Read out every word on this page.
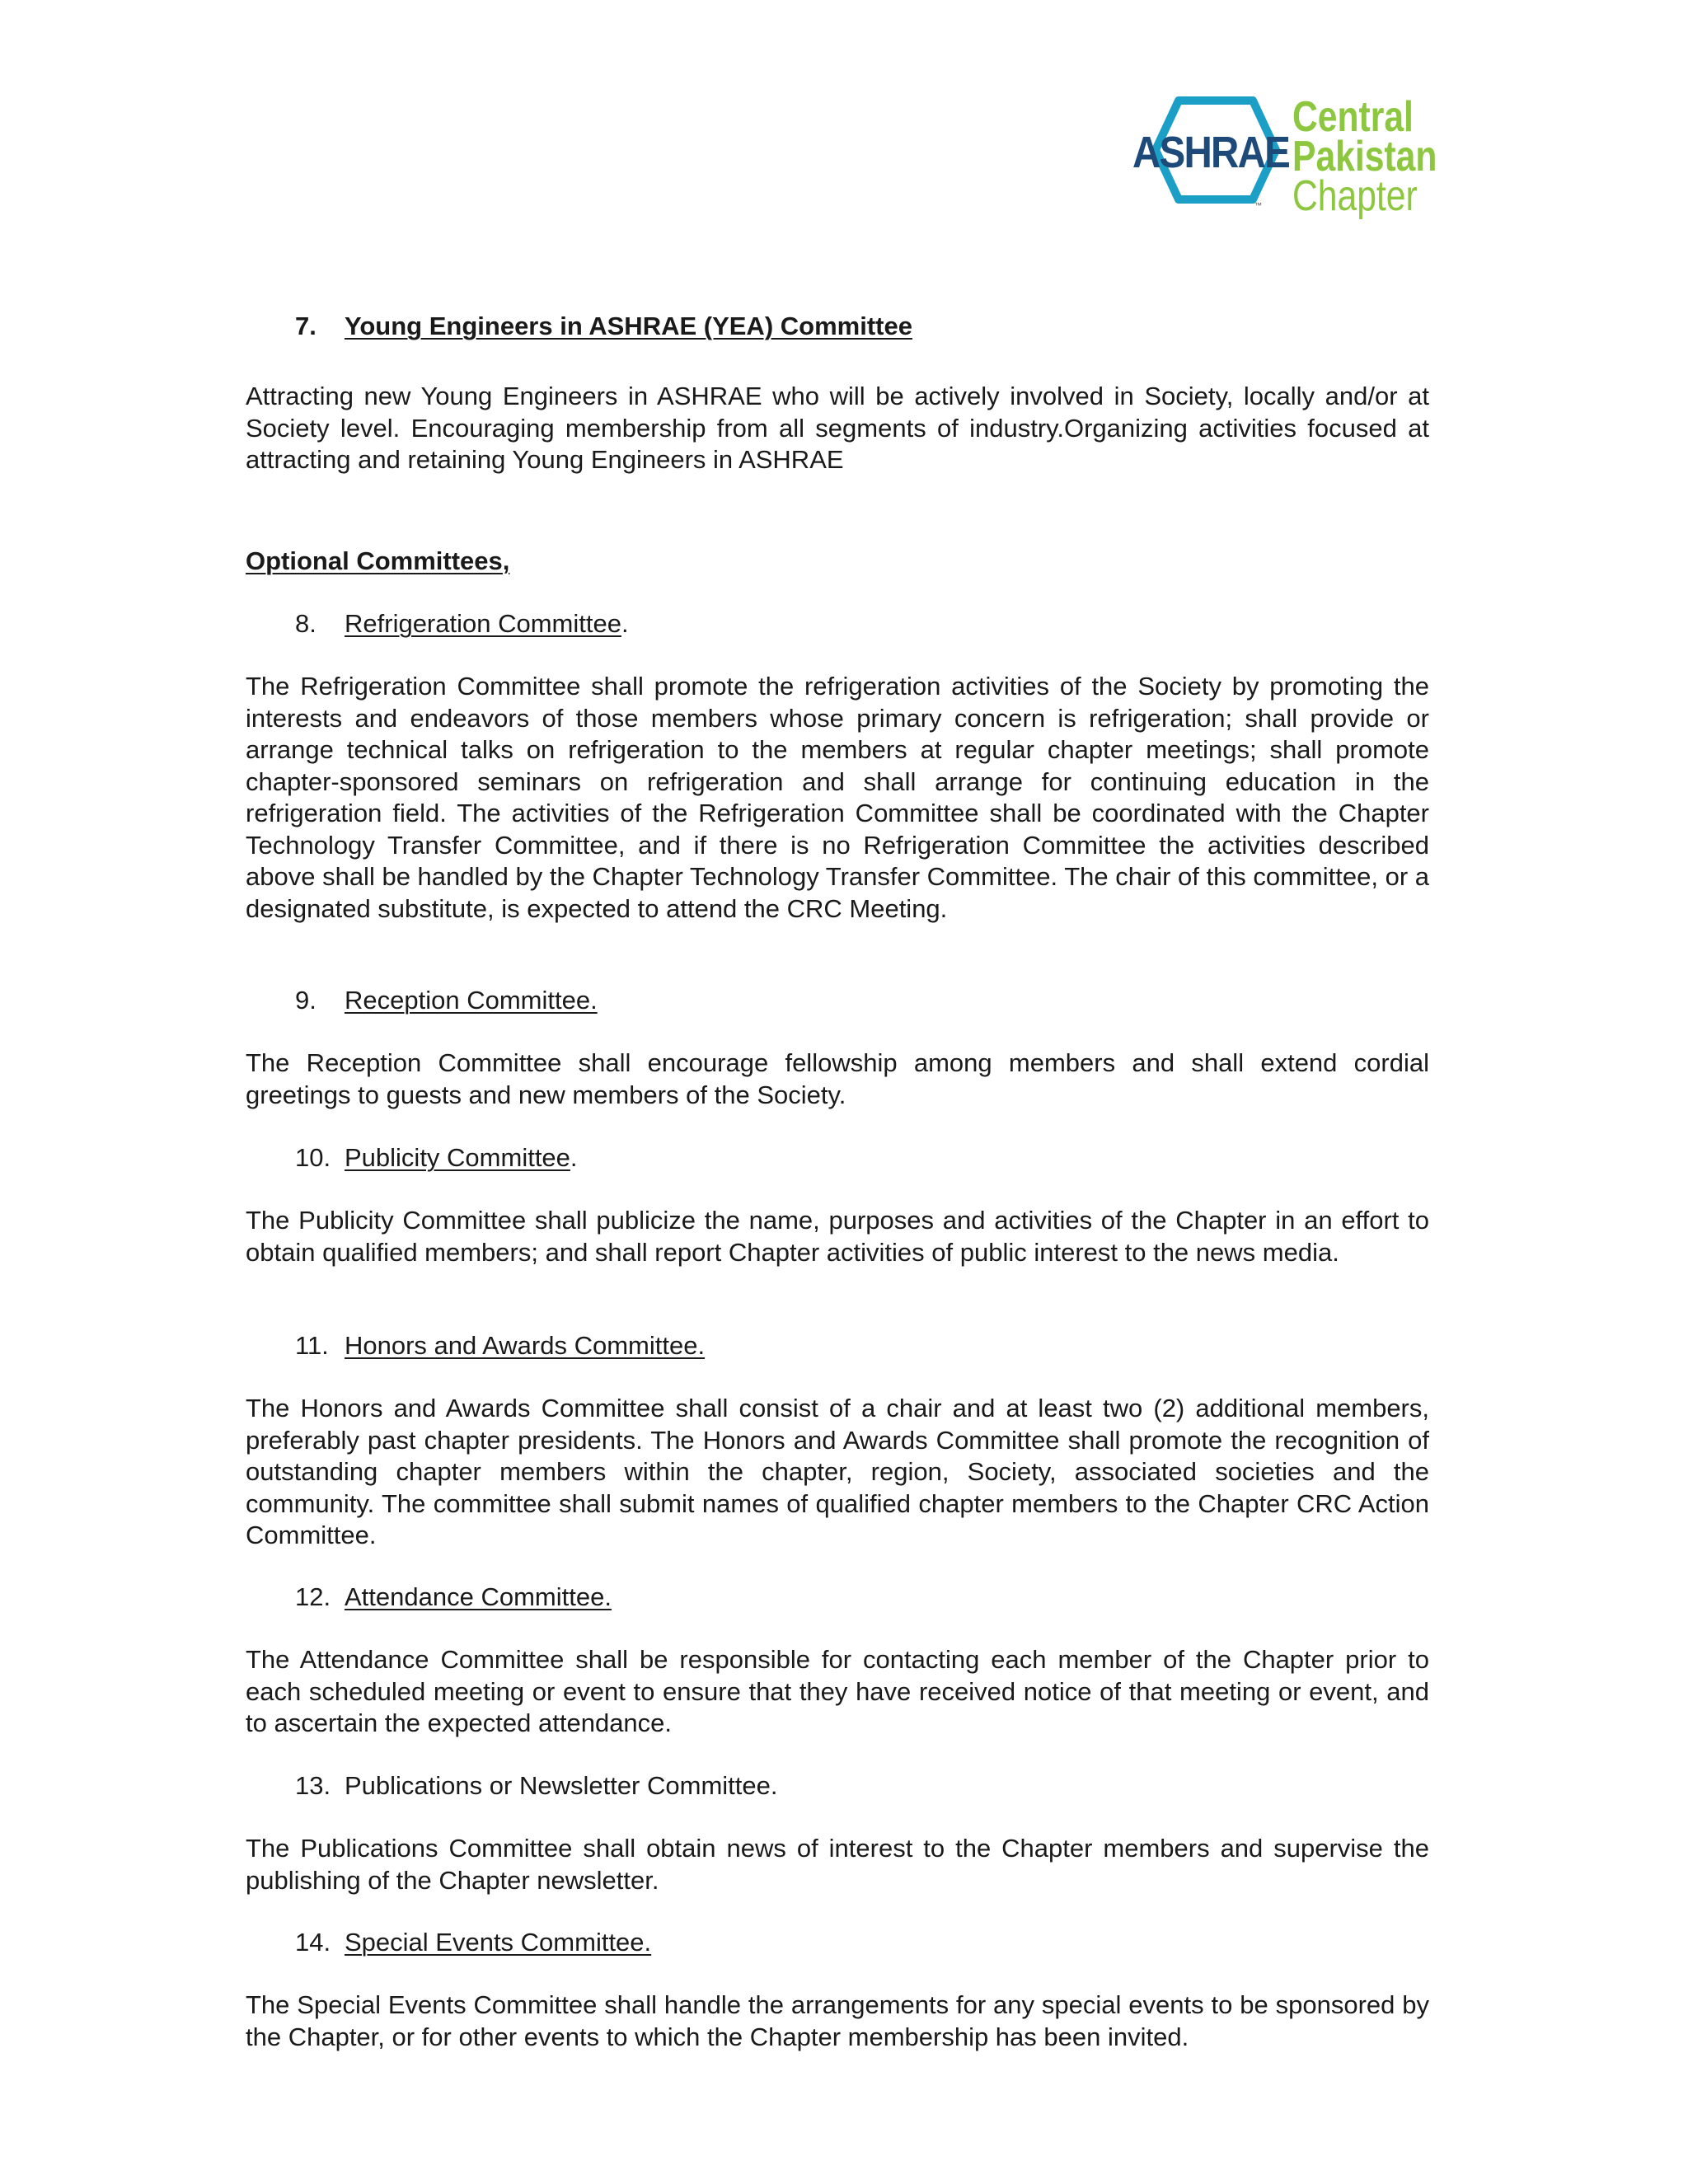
ASHRAE
™
Central
Pakistan
Chapter
7. Young Engineers in ASHRAE (YEA) Committee

Attracting new Young Engineers in ASHRAE who will be actively involved in Society, locally and/or at Society level. Encouraging membership from all segments of industry.Organizing activities focused at attracting and retaining Young Engineers in ASHRAE

Optional Committees,
8. Refrigeration Committee.

The Refrigeration Committee shall promote the refrigeration activities of the Society by promoting the interests and endeavors of those members whose primary concern is refrigeration; shall provide or arrange technical talks on refrigeration to the members at regular chapter meetings; shall promote chapter-sponsored seminars on refrigeration and shall arrange for continuing education in the refrigeration field. The activities of the Refrigeration Committee shall be coordinated with the Chapter Technology Transfer Committee, and if there is no Refrigeration Committee the activities described above shall be handled by the Chapter Technology Transfer Committee. The chair of this committee, or a designated substitute, is expected to attend the CRC Meeting.

9. Reception Committee.

The Reception Committee shall encourage fellowship among members and shall extend cordial greetings to guests and new members of the Society.

10. Publicity Committee.

The Publicity Committee shall publicize the name, purposes and activities of the Chapter in an effort to obtain qualified members; and shall report Chapter activities of public interest to the news media.

11. Honors and Awards Committee.

The Honors and Awards Committee shall consist of a chair and at least two (2) additional members, preferably past chapter presidents. The Honors and Awards Committee shall promote the recognition of outstanding chapter members within the chapter, region, Society, associated societies and the community. The committee shall submit names of qualified chapter members to the Chapter CRC Action Committee.

12. Attendance Committee.

The Attendance Committee shall be responsible for contacting each member of the Chapter prior to each scheduled meeting or event to ensure that they have received notice of that meeting or event, and to ascertain the expected attendance.

13. Publications or Newsletter Committee.

The Publications Committee shall obtain news of interest to the Chapter members and supervise the publishing of the Chapter newsletter.

14. Special Events Committee.

The Special Events Committee shall handle the arrangements for any special events to be sponsored by the Chapter, or for other events to which the Chapter membership has been invited.
